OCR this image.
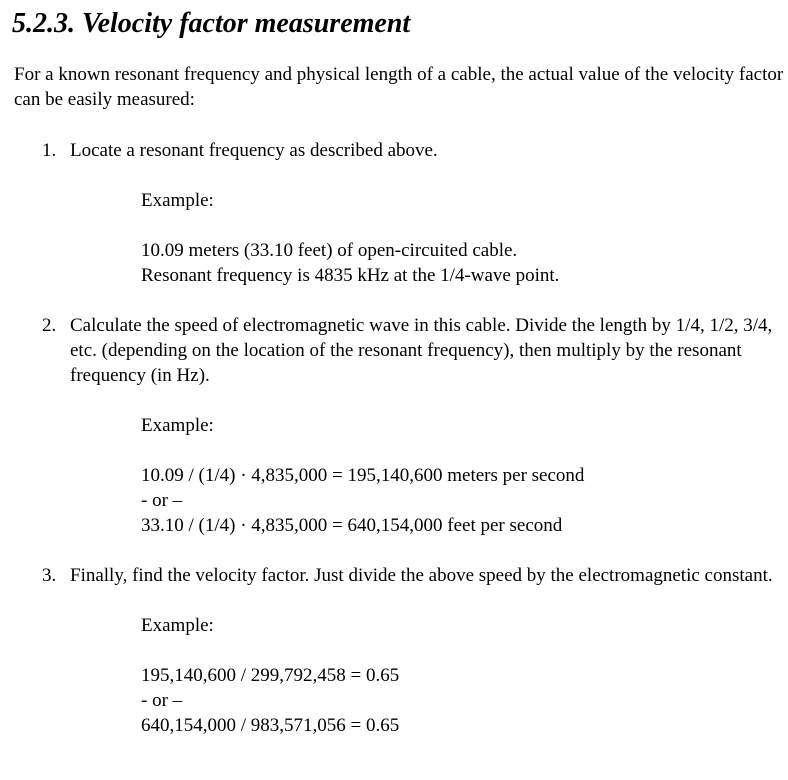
5.2.3. Velocity factor measurement

For a known resonant frequency and physical length of a cable, the actual value of the velocity factor can be easily measured:

1. Locate a resonant frequency as described above.
Example:
10.09 meters (33.10 feet) of open-circuited cable.
Resonant frequency is 4835 kHz at the 1/4-wave point.
2. Calculate the speed of electromagnetic wave in this cable. Divide the length by 1/4, 1/2, 3/4, etc. (depending on the location of the resonant frequency), then multiply by the resonant frequency (in Hz).
Example:
10.09 / (1/4) · 4,835,000 = 195,140,600 meters per second
- or –
33.10 / (1/4) · 4,835,000 = 640,154,000 feet per second
3. Finally, find the velocity factor. Just divide the above speed by the electromagnetic constant.
Example:
195,140,600 / 299,792,458 = 0.65
- or –
640,154,000 / 983,571,056 = 0.65
